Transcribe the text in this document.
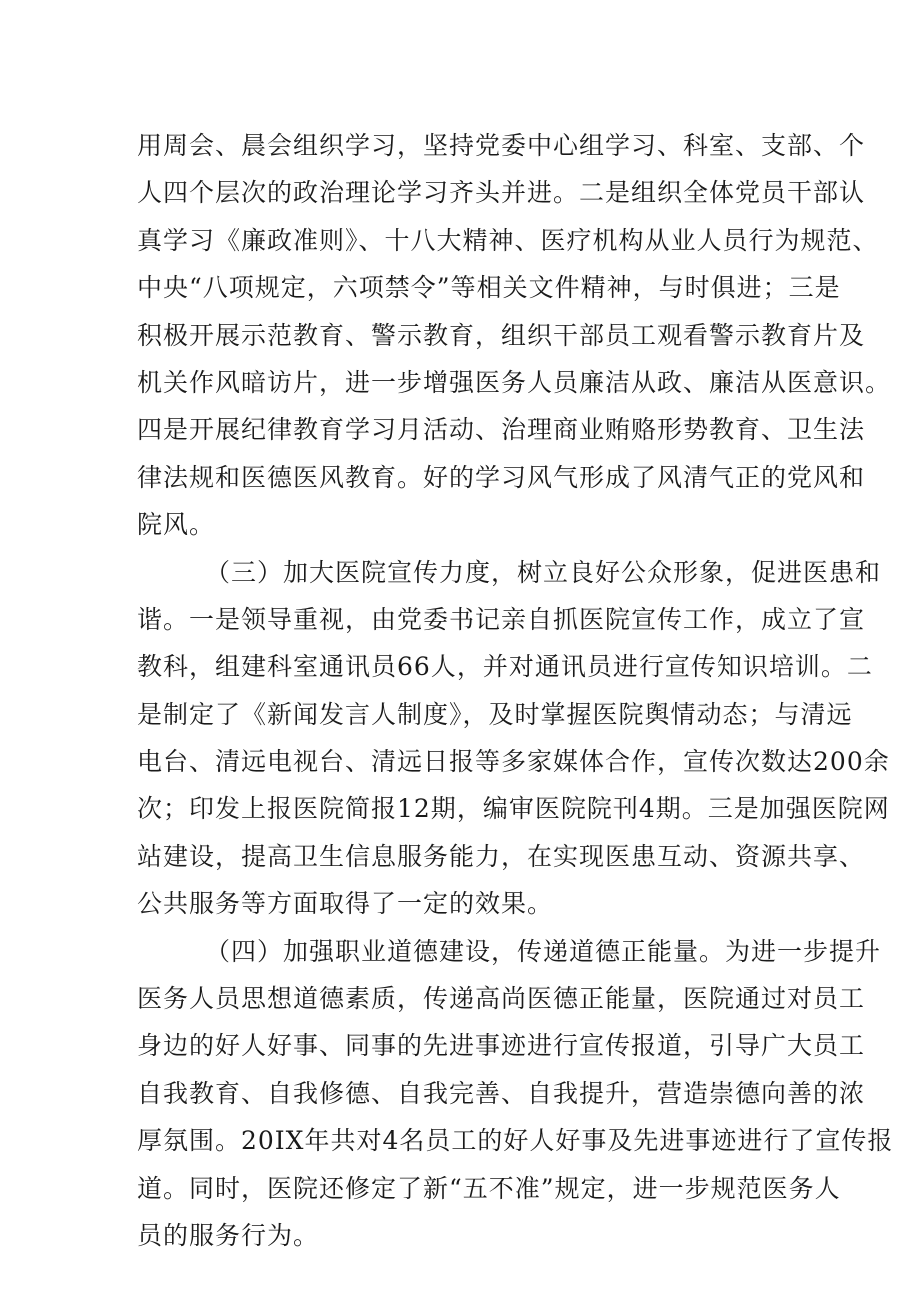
用周会、晨会组织学习，坚持党委中心组学习、科室、支部、个
人四个层次的政治理论学习齐头并进。二是组织全体党员干部认
真学习《廉政准则》、十八大精神、医疗机构从业人员行为规范、
中央“八项规定，六项禁令”等相关文件精神，与时俱进；三是
积极开展示范教育、警示教育，组织干部员工观看警示教育片及
机关作风暗访片，进一步增强医务人员廉洁从政、廉洁从医意识。
四是开展纪律教育学习月活动、治理商业贿赂形势教育、卫生法
律法规和医德医风教育。好的学习风气形成了风清气正的党风和
院风。
（三）加大医院宣传力度，树立良好公众形象，促进医患和
谐。一是领导重视，由党委书记亲自抓医院宣传工作，成立了宣
教科，组建科室通讯员66人，并对通讯员进行宣传知识培训。二
是制定了《新闻发言人制度》，及时掌握医院舆情动态；与清远
电台、清远电视台、清远日报等多家媒体合作，宣传次数达200余
次；印发上报医院简报12期，编审医院院刊4期。三是加强医院网
站建设，提高卫生信息服务能力，在实现医患互动、资源共享、
公共服务等方面取得了一定的效果。
（四）加强职业道德建设，传递道德正能量。为进一步提升
医务人员思想道德素质，传递高尚医德正能量，医院通过对员工
身边的好人好事、同事的先进事迹进行宣传报道，引导广大员工
自我教育、自我修德、自我完善、自我提升，营造崇德向善的浓
厚氛围。20IX年共对4名员工的好人好事及先进事迹进行了宣传报
道。同时，医院还修定了新“五不准”规定，进一步规范医务人
员的服务行为。
